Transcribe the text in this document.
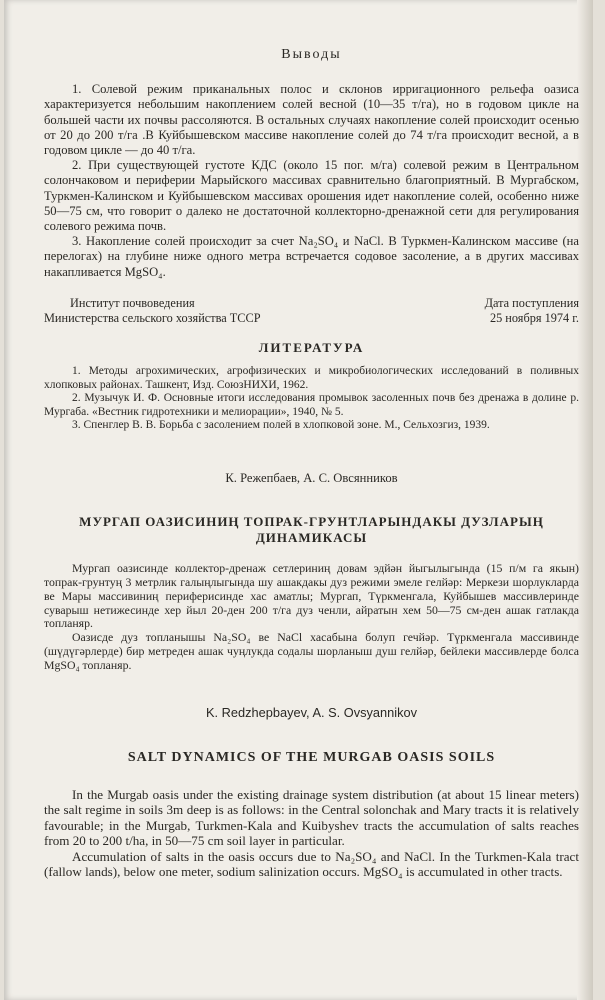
Выводы

1. Солевой режим приканальных полос и склонов ирригационного рельефа оазиса характеризуется небольшим накоплением солей весной (10—35 т/га), но в годовом цикле на большей части их почвы рассоляются. В остальных случаях накопление солей происходит осенью от 20 до 200 т/га .В Куйбышевском массиве накопление солей до 74 т/га происходит весной, а в годовом цикле — до 40 т/га.

2. При существующей густоте КДС (около 15 пог. м/га) солевой режим в Центральном солончаковом и периферии Марыйского массивах сравнительно благоприятный. В Мургабском, Туркмен-Калинском и Куйбышевском массивах орошения идет накопление солей, особенно ниже 50—75 см, что говорит о далеко не достаточной коллекторно-дренажной сети для регулирования солевого режима почв.

3. Накопление солей происходит за счет Na₂SO₄ и NaCl. В Туркмен-Калинском массиве (на перелогах) на глубине ниже одного метра встречается содовое засоление, а в других массивах накапливается MgSO₄.

Институт почвоведения
Министерства сельского хозяйства ТССР
Дата поступления
25 ноября 1974 г.
ЛИТЕРАТУРА

1. Методы агрохимических, агрофизических и микробиологических исследований в поливных хлопковых районах. Ташкент, Изд. СоюзНИХИ, 1962.

2. Музычук И. Ф. Основные итоги исследования промывок засоленных почв без дренажа в долине р. Мургаба. «Вестник гидротехники и мелиорации», 1940, № 5.

3. Спенглер В. В. Борьба с засолением полей в хлопковой зоне. М., Сельхозгиз, 1939.

К. Режепбаев, А. С. Овсянников
МУРГАП ОАЗИСИНИҢ ТОПРАК-ГРУНТЛАРЫНДАКЫ ДУЗЛАРЫҢ ДИНАМИКАСЫ

Мургап оазисинде коллектор-дренаж сетлериниң довам эдйән йыгылыгында (15 п/м га якын) топрак-грунтуң 3 метрлик галыңлыгында шу ашакдакы дуз режими эмеле гелйәр: Меркези шорлукларда ве Мары массивиниң периферисинде хас аматлы; Мургап, Түркменгала, Куйбышев массивлеринде суварыш нетижесинде хер йыл 20-ден 200 т/га дуз ченли, айратын хем 50—75 см-ден ашак гатлакда топланяр.

Оазисде дуз топланышы Na₂SO₄ ве NaCl хасабына болуп гечйәр. Түркменгала массивинде (шүдүгәрлерде) бир метреден ашак чуңлукда содалы шорланыш душ гелйәр, бейлеки массивлерде болса MgSO₄ топланяр.

K. Redzhepbayev, A. S. Ovsyannikov
SALT DYNAMICS OF THE MURGAB OASIS SOILS

In the Murgab oasis under the existing drainage system distribution (at about 15 linear meters) the salt regime in soils 3m deep is as follows: in the Central solonchak and Mary tracts it is relatively favourable; in the Murgab, Turkmen-Kala and Kuibyshev tracts the accumulation of salts reaches from 20 to 200 t/ha, in 50—75 cm soil layer in particular.

Accumulation of salts in the oasis occurs due to Na₂SO₄ and NaCl. In the Turkmen-Kala tract (fallow lands), below one meter, sodium salinization occurs. MgSO₄ is accumulated in other tracts.
